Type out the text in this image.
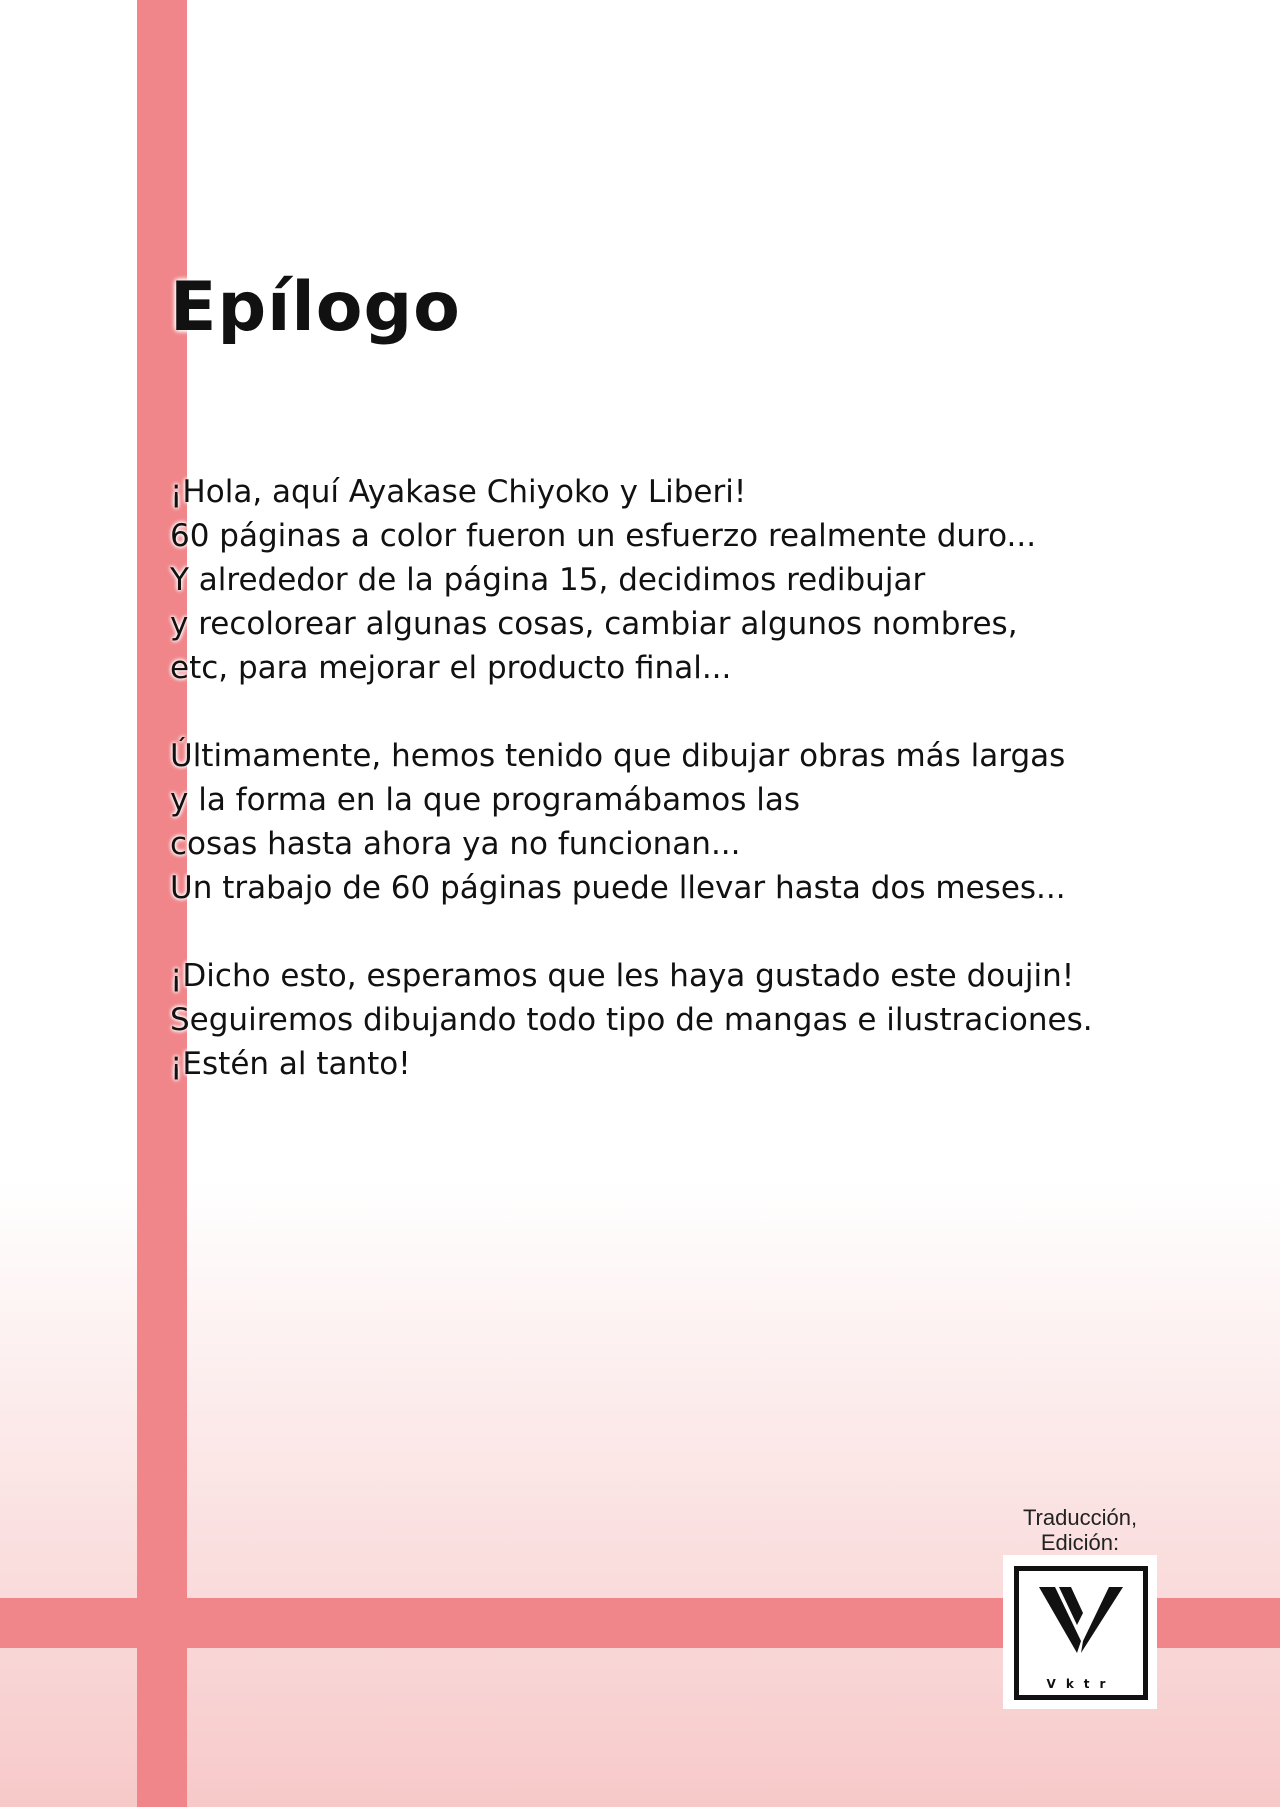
Epílogo

¡Hola, aquí Ayakase Chiyoko y Liberi!
60 páginas a color fueron un esfuerzo realmente duro...
Y alrededor de la página 15, decidimos redibujar
y recolorear algunas cosas, cambiar algunos nombres,
etc, para mejorar el producto final...

Últimamente, hemos tenido que dibujar obras más largas
y la forma en la que programábamos las
cosas hasta ahora ya no funcionan...
Un trabajo de 60 páginas puede llevar hasta dos meses...

¡Dicho esto, esperamos que les haya gustado este doujin!
Seguiremos dibujando todo tipo de mangas e ilustraciones.
¡Estén al tanto!

Traducción,
Edición:
Vktr
